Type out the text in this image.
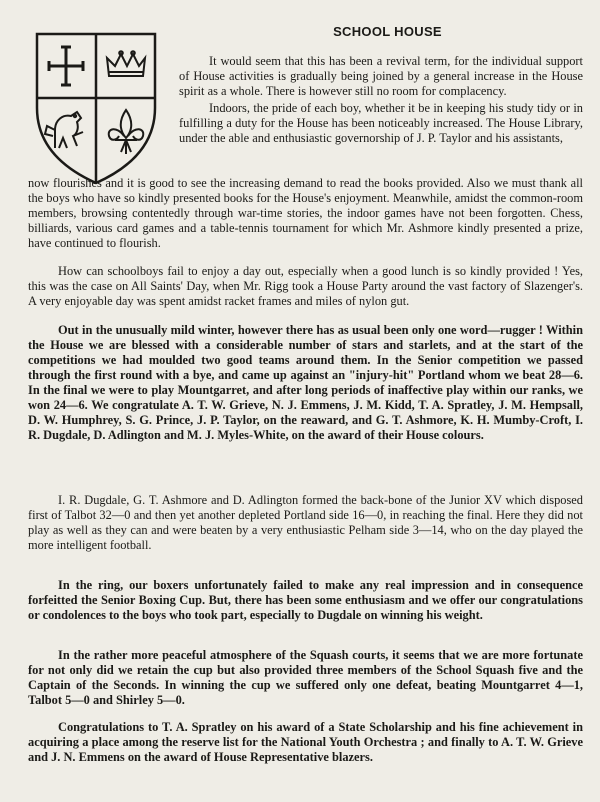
SCHOOL HOUSE

It would seem that this has been a revival term, for the individual support of House activities is gradually being joined by a general increase in the House spirit as a whole. There is however still no room for complacency.

Indoors, the pride of each boy, whether it be in keeping his study tidy or in fulfilling a duty for the House has been noticeably increased. The House Library, under the able and enthusiastic governorship of J. P. Taylor and his assistants,

now flourishes and it is good to see the increasing demand to read the books provided. Also we must thank all the boys who have so kindly presented books for the House's enjoyment. Meanwhile, amidst the common-room members, browsing contentedly through war-time stories, the indoor games have not been forgotten. Chess, billiards, various card games and a table-tennis tournament for which Mr. Ashmore kindly presented a prize, have continued to flourish.

How can schoolboys fail to enjoy a day out, especially when a good lunch is so kindly provided ! Yes, this was the case on All Saints' Day, when Mr. Rigg took a House Party around the vast factory of Slazenger's. A very enjoyable day was spent amidst racket frames and miles of nylon gut.

Out in the unusually mild winter, however there has as usual been only one word—rugger ! Within the House we are blessed with a considerable number of stars and starlets, and at the start of the competitions we had moulded two good teams around them. In the Senior competition we passed through the first round with a bye, and came up against an "injury-hit" Portland whom we beat 28—6. In the final we were to play Mountgarret, and after long periods of inaffective play within our ranks, we won 24—6. We congratulate A. T. W. Grieve, N. J. Emmens, J. M. Kidd, T. A. Spratley, J. M. Hempsall, D. W. Humphrey, S. G. Prince, J. P. Taylor, on the reaward, and G. T. Ashmore, K. H. Mumby-Croft, I. R. Dugdale, D. Adlington and M. J. Myles-White, on the award of their House colours.

I. R. Dugdale, G. T. Ashmore and D. Adlington formed the back-bone of the Junior XV which disposed first of Talbot 32—0 and then yet another depleted Portland side 16—0, in reaching the final. Here they did not play as well as they can and were beaten by a very enthusiastic Pelham side 3—14, who on the day played the more intelligent football.

In the ring, our boxers unfortunately failed to make any real impression and in consequence forfeitted the Senior Boxing Cup. But, there has been some enthusiasm and we offer our congratulations or condolences to the boys who took part, especially to Dugdale on winning his weight.

In the rather more peaceful atmosphere of the Squash courts, it seems that we are more fortunate for not only did we retain the cup but also provided three members of the School Squash five and the Captain of the Seconds. In winning the cup we suffered only one defeat, beating Mountgarret 4—1, Talbot 5—0 and Shirley 5—0.

Congratulations to T. A. Spratley on his award of a State Scholarship and his fine achievement in acquiring a place among the reserve list for the National Youth Orchestra ; and finally to A. T. W. Grieve and J. N. Emmens on the award of House Representative blazers.
